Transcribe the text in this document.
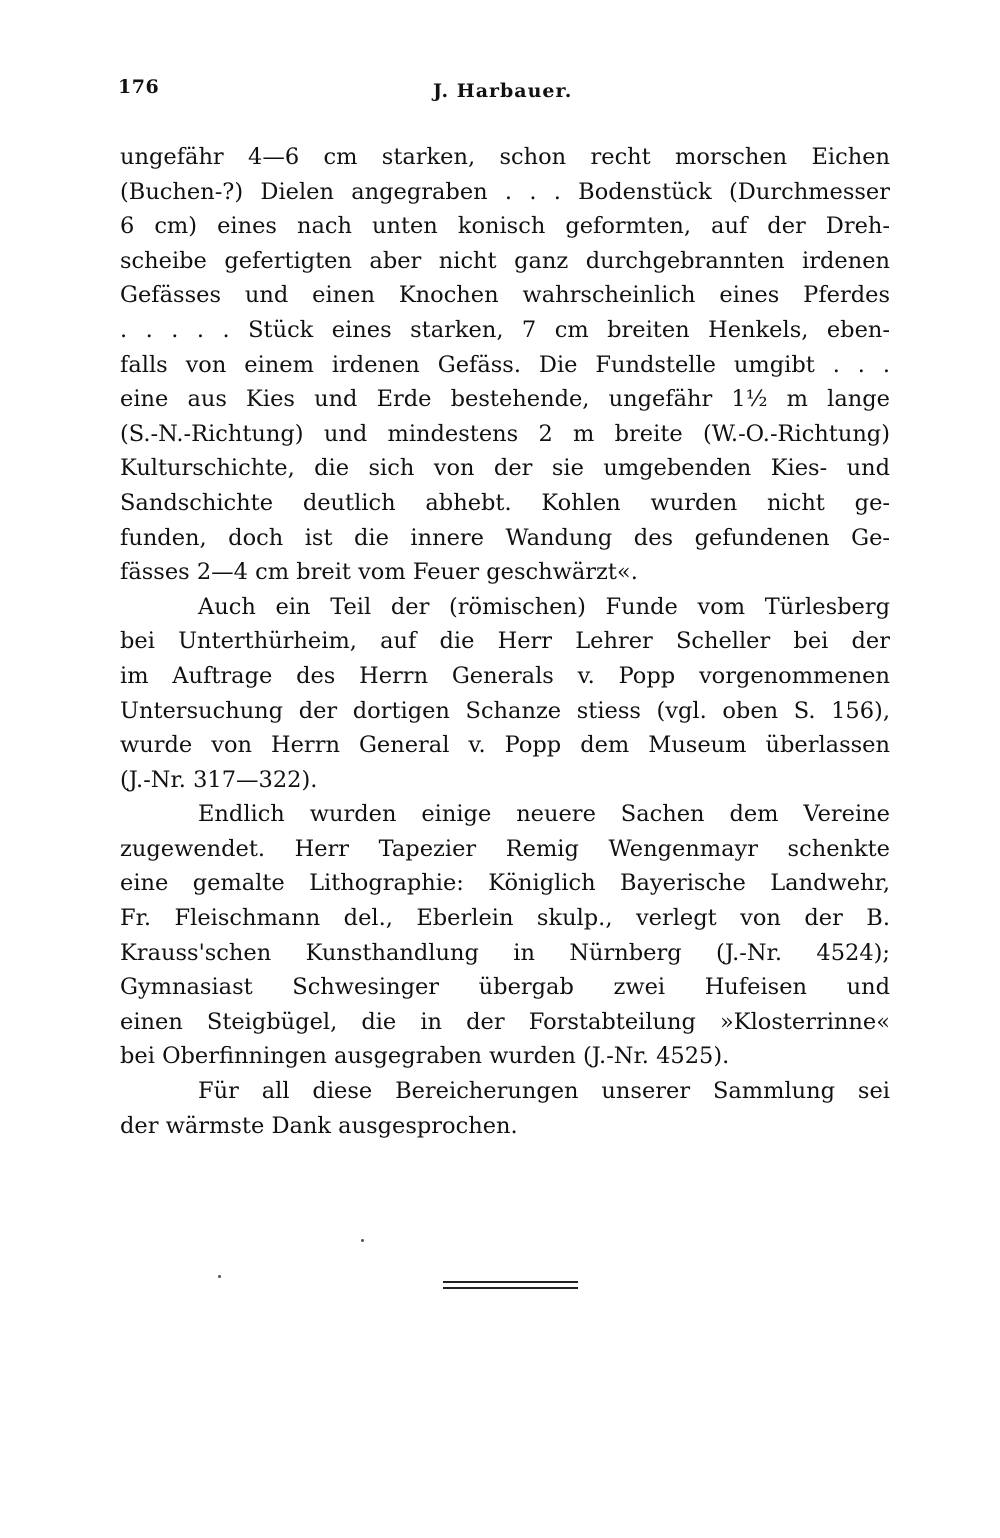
176	J. Harbauer.
ungefähr 4—6 cm starken, schon recht morschen Eichen
(Buchen-?) Dielen angegraben . . . Bodenstück (Durchmesser
6 cm) eines nach unten konisch geformten, auf der Dreh-
scheibe gefertigten aber nicht ganz durchgebrannten irdenen
Gefässes und einen Knochen wahrscheinlich eines Pferdes
. . . . . Stück eines starken, 7 cm breiten Henkels, eben-
falls von einem irdenen Gefäss. Die Fundstelle umgibt . . .
eine aus Kies und Erde bestehende, ungefähr 1½ m lange
(S.-N.-Richtung) und mindestens 2 m breite (W.-O.-Richtung)
Kulturschichte, die sich von der sie umgebenden Kies- und
Sandschichte deutlich abhebt. Kohlen wurden nicht ge-
funden, doch ist die innere Wandung des gefundenen Ge-
fässes 2—4 cm breit vom Feuer geschwärzt«.
Auch ein Teil der (römischen) Funde vom Türlesberg
bei Unterthürheim, auf die Herr Lehrer Scheller bei der
im Auftrage des Herrn Generals v. Popp vorgenommenen
Untersuchung der dortigen Schanze stiess (vgl. oben S. 156),
wurde von Herrn General v. Popp dem Museum überlassen
(J.-Nr. 317—322).
Endlich wurden einige neuere Sachen dem Vereine
zugewendet. Herr Tapezier Remig Wengenmayr schenkte
eine gemalte Lithographie: Königlich Bayerische Landwehr,
Fr. Fleischmann del., Eberlein skulp., verlegt von der B.
Krauss'schen Kunsthandlung in Nürnberg (J.-Nr. 4524);
Gymnasiast Schwesinger übergab zwei Hufeisen und
einen Steigbügel, die in der Forstabteilung »Klosterrinne«
bei Oberfinningen ausgegraben wurden (J.-Nr. 4525).
Für all diese Bereicherungen unserer Sammlung sei
der wärmste Dank ausgesprochen.
